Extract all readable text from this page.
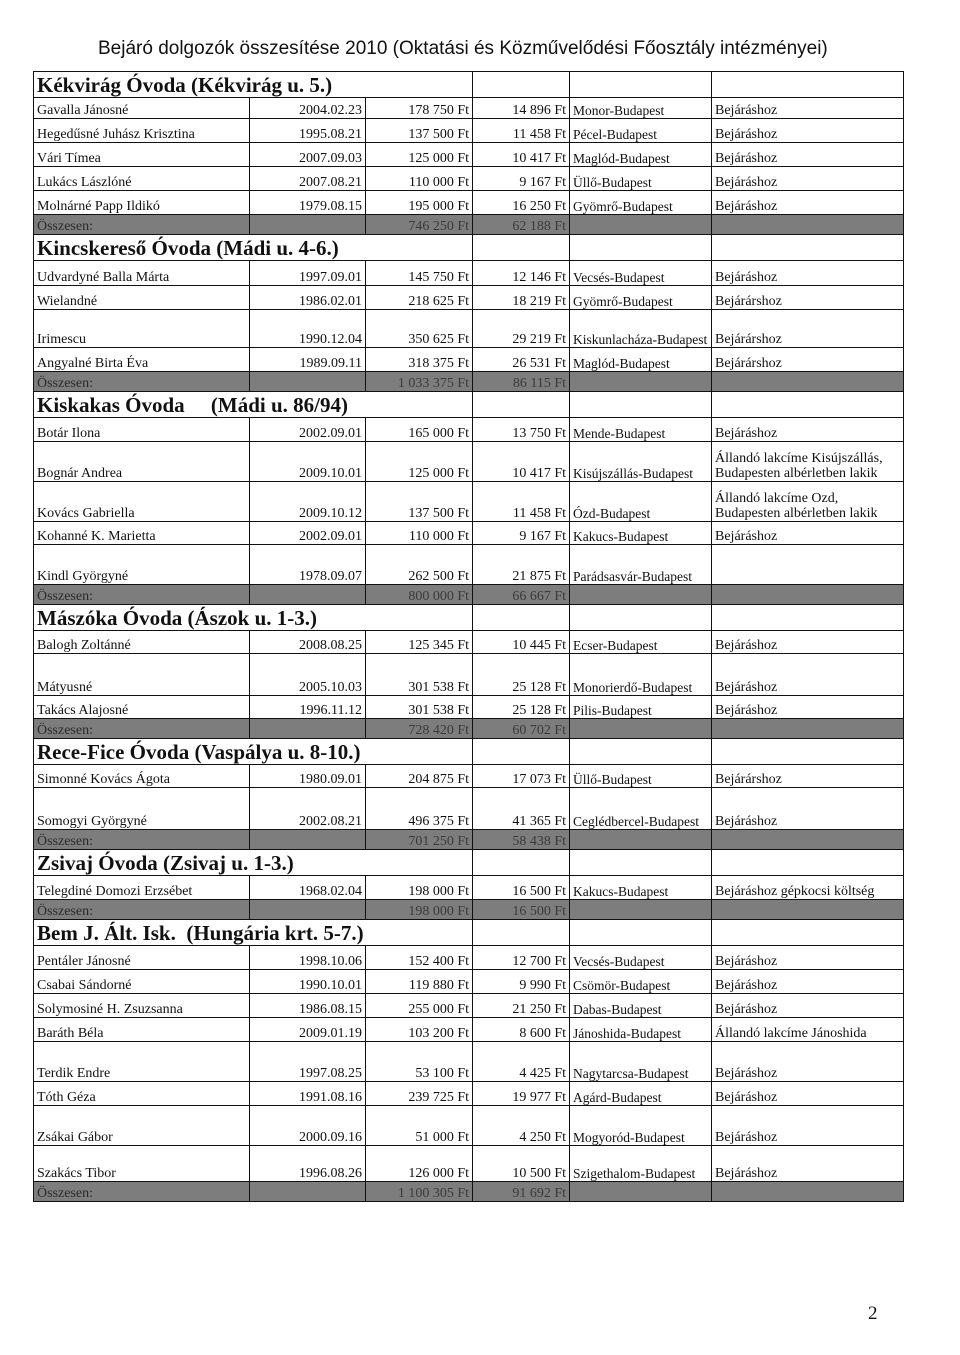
Bejáró dolgozók összesítése 2010 (Oktatási és Közművelődési Főosztály intézményei)
Kékvirág Óvoda (Kékvirág u. 5.)					
Gavalla Jánosné	2004.02.23	178 750 Ft	14 896 Ft	Monor-Budapest	Bejáráshoz
Hegedűsné Juhász Krisztina	1995.08.21	137 500 Ft	11 458 Ft	Pécel-Budapest	Bejáráshoz
Vári Tímea	2007.09.03	125 000 Ft	10 417 Ft	Maglód-Budapest	Bejáráshoz
Lukács Lászlóné	2007.08.21	110 000 Ft	9 167 Ft	Üllő-Budapest	Bejáráshoz
Molnárné Papp Ildikó	1979.08.15	195 000 Ft	16 250 Ft	Gyömrő-Budapest	Bejáráshoz
Összesen:		746 250 Ft	62 188 Ft		
Kincskereső Óvoda (Mádi u. 4-6.)					
Udvardyné Balla Márta	1997.09.01	145 750 Ft	12 146 Ft	Vecsés-Budapest	Bejáráshoz
Wielandné	1986.02.01	218 625 Ft	18 219 Ft	Gyömrő-Budapest	Bejárárshoz
Irimescu	1990.12.04	350 625 Ft	29 219 Ft	Kiskunlacháza-Budapest	Bejárárshoz
Angyalné Birta Éva	1989.09.11	318 375 Ft	26 531 Ft	Maglód-Budapest	Bejárárshoz
Összesen:		1 033 375 Ft	86 115 Ft		
Kiskakas Óvoda     (Mádi u. 86/94)					
Botár Ilona	2002.09.01	165 000 Ft	13 750 Ft	Mende-Budapest	Bejáráshoz
Bognár Andrea	2009.10.01	125 000 Ft	10 417 Ft	Kisújszállás-Budapest	Állandó lakcíme Kisújszállás, Budapesten albérletben lakik
Kovács Gabriella	2009.10.12	137 500 Ft	11 458 Ft	Ózd-Budapest	Állandó lakcíme Ozd, Budapesten albérletben lakik
Kohanné K. Marietta	2002.09.01	110 000 Ft	9 167 Ft	Kakucs-Budapest	Bejáráshoz
Kindl Györgyné	1978.09.07	262 500 Ft	21 875 Ft	Parádsasvár-Budapest	
Összesen:		800 000 Ft	66 667 Ft		
Mászóka Óvoda (Ászok u. 1-3.)					
Balogh Zoltánné	2008.08.25	125 345 Ft	10 445 Ft	Ecser-Budapest	Bejáráshoz
Mátyusné	2005.10.03	301 538 Ft	25 128 Ft	Monorierdő-Budapest	Bejáráshoz
Takács Alajosné	1996.11.12	301 538 Ft	25 128 Ft	Pilis-Budapest	Bejáráshoz
Összesen:		728 420 Ft	60 702 Ft		
Rece-Fice Óvoda (Vaspálya u. 8-10.)					
Simonné Kovács Ágota	1980.09.01	204 875 Ft	17 073 Ft	Üllő-Budapest	Bejárárshoz
Somogyi Györgyné	2002.08.21	496 375 Ft	41 365 Ft	Ceglédbercel-Budapest	Bejáráshoz
Összesen:		701 250 Ft	58 438 Ft		
Zsivaj Óvoda (Zsivaj u. 1-3.)					
Telegdiné Domozi Erzsébet	1968.02.04	198 000 Ft	16 500 Ft	Kakucs-Budapest	Bejáráshoz gépkocsi költség
Összesen:		198 000 Ft	16 500 Ft		
Bem J. Ált. Isk.  (Hungária krt. 5-7.)					
Pentáler Jánosné	1998.10.06	152 400 Ft	12 700 Ft	Vecsés-Budapest	Bejáráshoz
Csabai Sándorné	1990.10.01	119 880 Ft	9 990 Ft	Csömör-Budapest	Bejáráshoz
Solymosiné H. Zsuzsanna	1986.08.15	255 000 Ft	21 250 Ft	Dabas-Budapest	Bejáráshoz
Baráth Béla	2009.01.19	103 200 Ft	8 600 Ft	Jánoshida-Budapest	Állandó lakcíme Jánoshida
Terdik Endre	1997.08.25	53 100 Ft	4 425 Ft	Nagytarcsa-Budapest	Bejáráshoz
Tóth Géza	1991.08.16	239 725 Ft	19 977 Ft	Agárd-Budapest	Bejáráshoz
Zsákai Gábor	2000.09.16	51 000 Ft	4 250 Ft	Mogyoród-Budapest	Bejáráshoz
Szakács Tibor	1996.08.26	126 000 Ft	10 500 Ft	Szigethalom-Budapest	Bejáráshoz
Összesen:		1 100 305 Ft	91 692 Ft		
2
